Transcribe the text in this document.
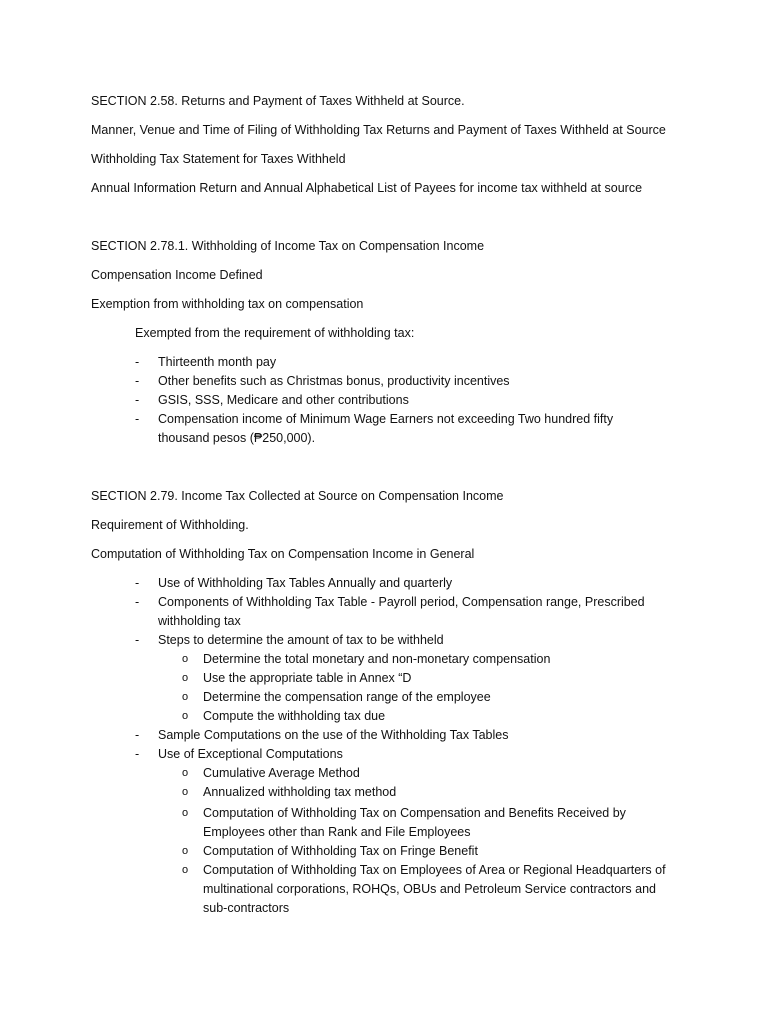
SECTION 2.58. Returns and Payment of Taxes Withheld at Source.
Manner, Venue and Time of Filing of Withholding Tax Returns and Payment of Taxes Withheld at Source
Withholding Tax Statement for Taxes Withheld
Annual Information Return and Annual Alphabetical List of Payees for income tax withheld at source
SECTION 2.78.1. Withholding of Income Tax on Compensation Income
Compensation Income Defined
Exemption from withholding tax on compensation
Exempted from the requirement of withholding tax:
-	Thirteenth month pay
-	Other benefits such as Christmas bonus, productivity incentives
-	GSIS, SSS, Medicare and other contributions
-	Compensation income of Minimum Wage Earners not exceeding Two hundred fifty
thousand pesos (₱250,000).
SECTION 2.79. Income Tax Collected at Source on Compensation Income
Requirement of Withholding.
Computation of Withholding Tax on Compensation Income in General
-	Use of Withholding Tax Tables Annually and quarterly
-	Components of Withholding Tax Table - Payroll period, Compensation range, Prescribed
withholding tax
-	Steps to determine the amount of tax to be withheld
o	Determine the total monetary and non-monetary compensation
o	Use the appropriate table in Annex “D
o	Determine the compensation range of the employee
o	Compute the withholding tax due
-	Sample Computations on the use of the Withholding Tax Tables
-	Use of Exceptional Computations
o	Cumulative Average Method
o	Annualized withholding tax method
o	Computation of Withholding Tax on Compensation and Benefits Received by
Employees other than Rank and File Employees
o	Computation of Withholding Tax on Fringe Benefit
o	Computation of Withholding Tax on Employees of Area or Regional Headquarters of
multinational corporations, ROHQs, OBUs and Petroleum Service contractors and
sub-contractors
